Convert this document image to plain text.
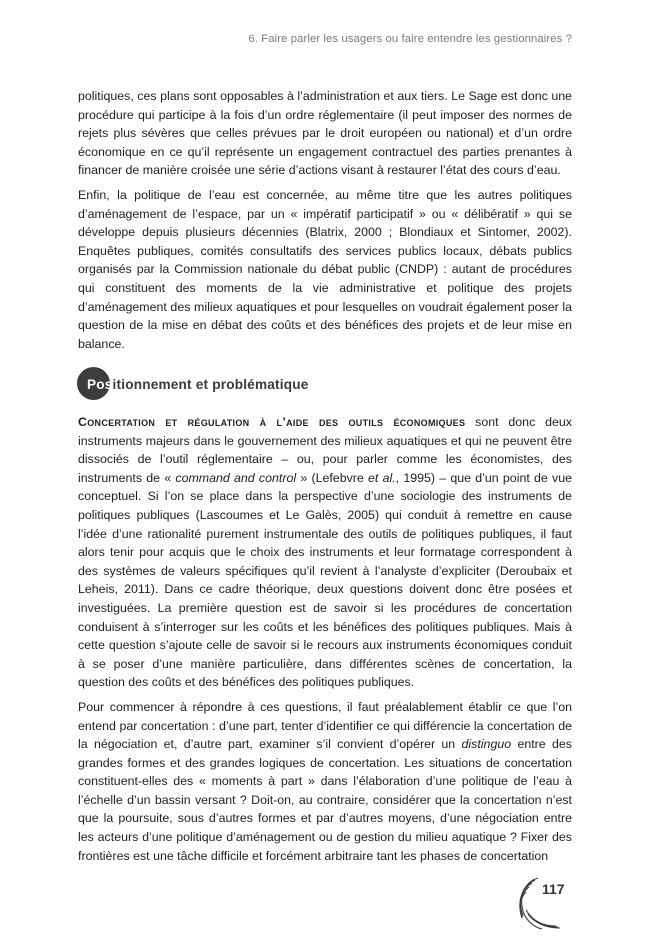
6. Faire parler les usagers ou faire entendre les gestionnaires ?

politiques, ces plans sont opposables à l’administration et aux tiers. Le Sage est donc une procédure qui participe à la fois d’un ordre réglementaire (il peut imposer des normes de rejets plus sévères que celles prévues par le droit européen ou national) et d’un ordre économique en ce qu’il représente un engagement contractuel des parties prenantes à financer de manière croisée une série d’actions visant à restaurer l’état des cours d’eau.

Enfin, la politique de l’eau est concernée, au même titre que les autres politiques d’aménagement de l’espace, par un « impératif participatif » ou « délibératif » qui se développe depuis plusieurs décennies (Blatrix, 2000 ; Blondiaux et Sintomer, 2002). Enquêtes publiques, comités consultatifs des services publics locaux, débats publics organisés par la Commission nationale du débat public (CNDP) : autant de procédures qui constituent des moments de la vie administrative et politique des projets d’aménagement des milieux aquatiques et pour lesquelles on voudrait également poser la question de la mise en débat des coûts et des bénéfices des projets et de leur mise en balance.

Positionnement et problématique

Concertation et régulation à l’aide des outils économiques sont donc deux instruments majeurs dans le gouvernement des milieux aquatiques et qui ne peuvent être dissociés de l’outil réglementaire – ou, pour parler comme les économistes, des instruments de « command and control » (Lefebvre et al., 1995) – que d’un point de vue conceptuel. Si l’on se place dans la perspective d’une sociologie des instruments de politiques publiques (Lascoumes et Le Galès, 2005) qui conduit à remettre en cause l’idée d’une rationalité purement instrumentale des outils de politiques publiques, il faut alors tenir pour acquis que le choix des instruments et leur formatage correspondent à des systèmes de valeurs spécifiques qu’il revient à l’analyste d’expliciter (Deroubaix et Leheis, 2011). Dans ce cadre théorique, deux questions doivent donc être posées et investiguées. La première question est de savoir si les procédures de concertation conduisent à s’interroger sur les coûts et les bénéfices des politiques publiques. Mais à cette question s’ajoute celle de savoir si le recours aux instruments économiques conduit à se poser d’une manière particulière, dans différentes scènes de concertation, la question des coûts et des bénéfices des politiques publiques.

Pour commencer à répondre à ces questions, il faut préalablement établir ce que l’on entend par concertation : d’une part, tenter d’identifier ce qui différencie la concertation de la négociation et, d’autre part, examiner s’il convient d’opérer un distinguo entre des grandes formes et des grandes logiques de concertation. Les situations de concertation constituent-elles des « moments à part » dans l’élaboration d’une politique de l’eau à l’échelle d’un bassin versant ? Doit-on, au contraire, considérer que la concertation n’est que la poursuite, sous d’autres formes et par d’autres moyens, d’une négociation entre les acteurs d’une politique d’aménagement ou de gestion du milieu aquatique ? Fixer des frontières est une tâche difficile et forcément arbitraire tant les phases de concertation

117
